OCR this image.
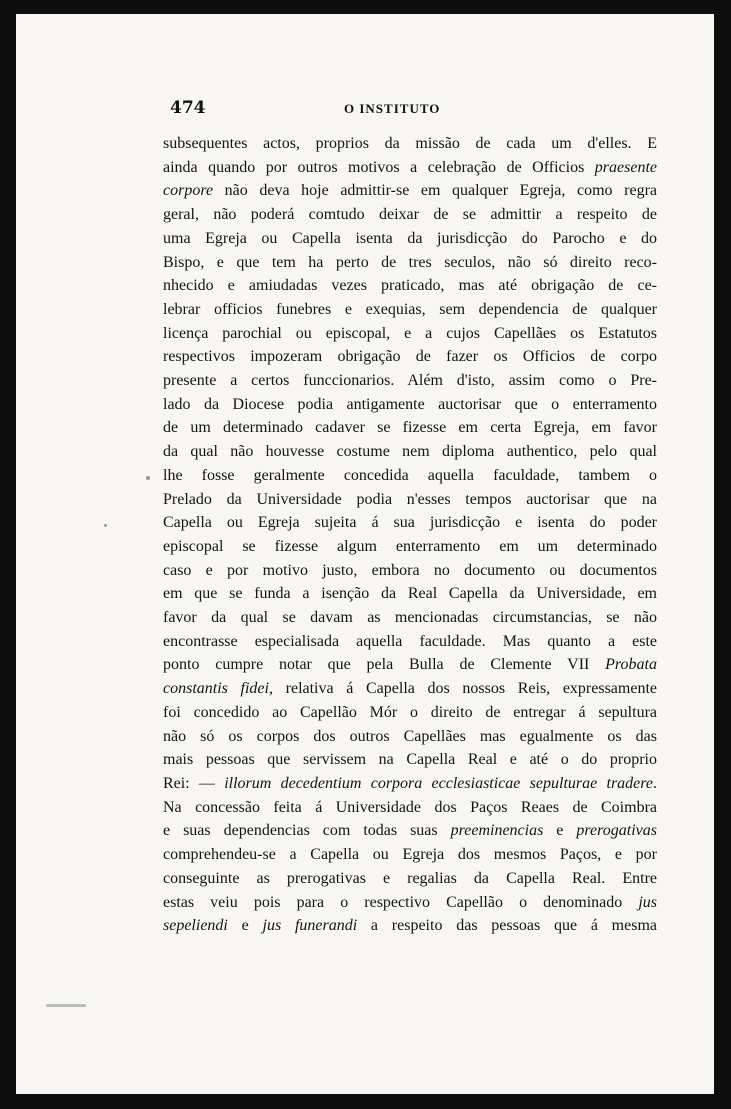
474	O INSTITUTO
subsequentes actos, proprios da missão de cada um d'elles. E
ainda quando por outros motivos a celebração de Officios praesente
corpore não deva hoje admittir-se em qualquer Egreja, como regra
geral, não poderá comtudo deixar de se admittir a respeito de
uma Egreja ou Capella isenta da jurisdicção do Parocho e do
Bispo, e que tem ha perto de tres seculos, não só direito reco-
nhecido e amiudadas vezes praticado, mas até obrigação de ce-
lebrar officios funebres e exequias, sem dependencia de qualquer
licença parochial ou episcopal, e a cujos Capellães os Estatutos
respectivos impozeram obrigação de fazer os Officios de corpo
presente a certos funccionarios. Além d'isto, assim como o Pre-
lado da Diocese podia antigamente auctorisar que o enterramento
de um determinado cadaver se fizesse em certa Egreja, em favor
da qual não houvesse costume nem diploma authentico, pelo qual
lhe fosse geralmente concedida aquella faculdade, tambem o
Prelado da Universidade podia n'esses tempos auctorisar que na
Capella ou Egreja sujeita á sua jurisdicção e isenta do poder
episcopal se fizesse algum enterramento em um determinado
caso e por motivo justo, embora no documento ou documentos
em que se funda a isenção da Real Capella da Universidade, em
favor da qual se davam as mencionadas circumstancias, se não
encontrasse especialisada aquella faculdade. Mas quanto a este
ponto cumpre notar que pela Bulla de Clemente VII Probata
constantis fidei, relativa á Capella dos nossos Reis, expressamente
foi concedido ao Capellão Mór o direito de entregar á sepultura
não só os corpos dos outros Capellães mas egualmente os das
mais pessoas que servissem na Capella Real e até o do proprio
Rei: — illorum decedentium corpora ecclesiasticae sepulturae tradere.
Na concessão feita á Universidade dos Paços Reaes de Coimbra
e suas dependencias com todas suas preeminencias e prerogativas
comprehendeu-se a Capella ou Egreja dos mesmos Paços, e por
conseguinte as prerogativas e regalias da Capella Real. Entre
estas veiu pois para o respectivo Capellão o denominado jus
sepeliendi e jus funerandi a respeito das pessoas que á mesma
